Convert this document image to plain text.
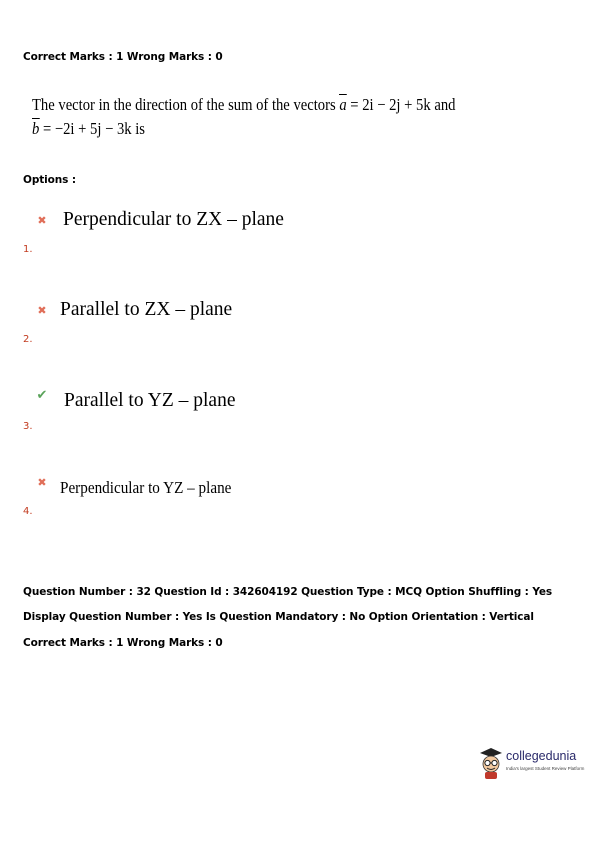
Correct Marks : 1 Wrong Marks : 0
The vector in the direction of the sum of the vectors a = 2i − 2j + 5k and
b = −2i + 5j − 3k is
Options :
✖ Perpendicular to ZX – plane
1.
✖ Parallel to ZX – plane
2.
✔ Parallel to YZ – plane
3.
✖ Perpendicular to YZ – plane
4.
Question Number : 32 Question Id : 342604192 Question Type : MCQ Option Shuffling : Yes
Display Question Number : Yes Is Question Mandatory : No Option Orientation : Vertical
Correct Marks : 1 Wrong Marks : 0
collegedunia
India's largest Student Review Platform
